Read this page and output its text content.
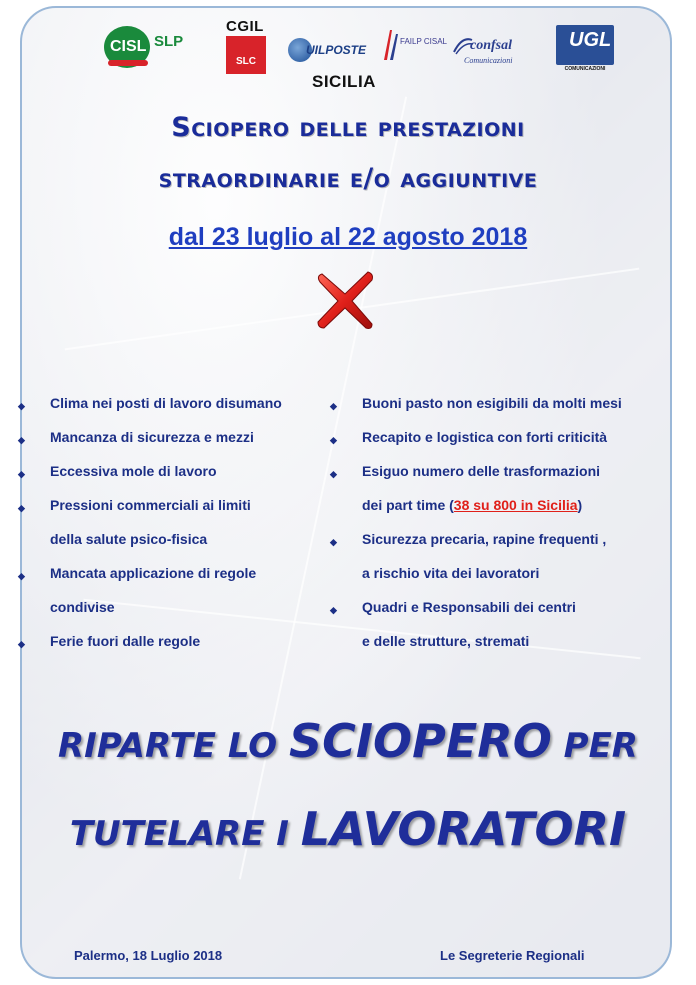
CISL SLP
CGIL
SLC
UILPOSTE
SICILIA
FAILP CISAL confsal
Comunicazioni
UGL
COMUNICAZIONI
Sciopero delle prestazioni
straordinarie e/o aggiuntive
dal 23 luglio al 22 agosto 2018
◆ Clima nei posti di lavoro disumano
◆ Mancanza di sicurezza e mezzi
◆ Eccessiva mole di lavoro
◆ Pressioni commerciali ai limiti
della salute psico-fisica
◆ Mancata applicazione di regole
condivise
◆ Ferie fuori dalle regole
◆ Buoni pasto non esigibili da molti mesi
◆ Recapito e logistica con forti criticità
◆ Esiguo numero delle trasformazioni
dei part time (38 su 800 in Sicilia)
◆ Sicurezza precaria, rapine frequenti ,
a rischio vita dei lavoratori
◆ Quadri e Responsabili dei centri
e delle strutture, stremati
RIPARTE LO SCIOPERO PER
TUTELARE I LAVORATORI
Palermo, 18 Luglio 2018	Le Segreterie Regionali
